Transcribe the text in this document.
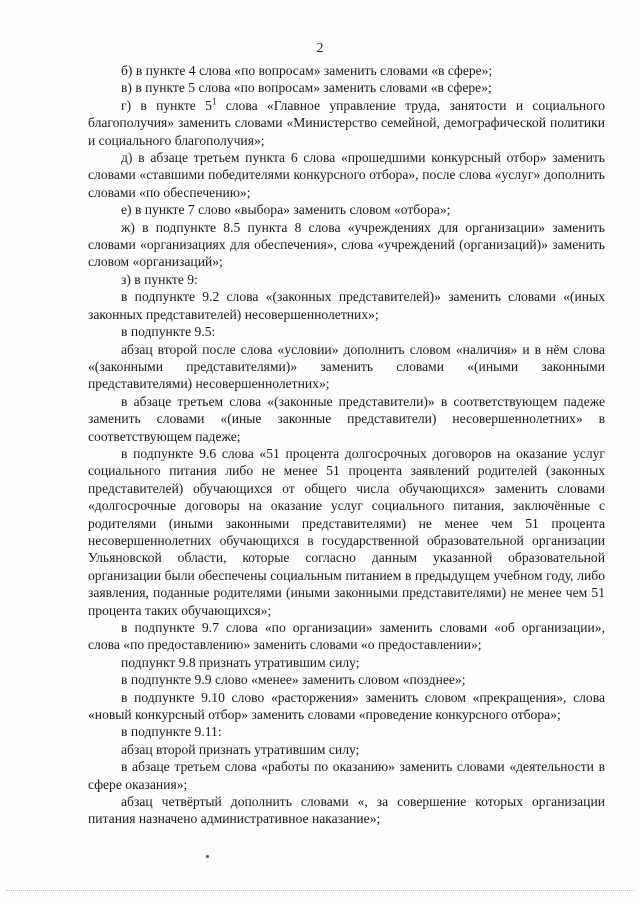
2

б) в пункте 4 слова «по вопросам» заменить словами «в сфере»;

в) в пункте 5 слова «по вопросам» заменить словами «в сфере»;

г) в пункте $5^1$ слова «Главное управление труда, занятости и социального благополучия» заменить словами «Министерство семейной, демографической политики и социального благополучия»;

д) в абзаце третьем пункта 6 слова «прошедшими конкурсный отбор» заменить словами «ставшими победителями конкурсного отбора», после слова «услуг» дополнить словами «по обеспечению»;

е) в пункте 7 слово «выбора» заменить словом «отбора»;

ж) в подпункте 8.5 пункта 8 слова «учреждениях для организации» заменить словами «организациях для обеспечения», слова «учреждений (организаций)» заменить словом «организаций»;

з) в пункте 9:

в подпункте 9.2 слова «(законных представителей)» заменить словами «(иных законных представителей) несовершеннолетних»;

в подпункте 9.5:

абзац второй после слова «условии» дополнить словом «наличия» и в нём слова «(законными представителями)» заменить словами «(иными законными представителями) несовершеннолетних»;

в абзаце третьем слова «(законные представители)» в соответствующем падеже заменить словами «(иные законные представители) несовершеннолетних» в соответствующем падеже;

в подпункте 9.6 слова «51 процента долгосрочных договоров на оказание услуг социального питания либо не менее 51 процента заявлений родителей (законных представителей) обучающихся от общего числа обучающихся» заменить словами «долгосрочные договоры на оказание услуг социального питания, заключённые с родителями (иными законными представителями) не менее чем 51 процента несовершеннолетних обучающихся в государственной образовательной организации Ульяновской области, которые согласно данным указанной образовательной организации были обеспечены социальным питанием в предыдущем учебном году, либо заявления, поданные родителями (иными законными представителями) не менее чем 51 процента таких обучающихся»;

в подпункте 9.7 слова «по организации» заменить словами «об организации», слова «по предоставлению» заменить словами «о предоставлении»;

подпункт 9.8 признать утратившим силу;

в подпункте 9.9 слово «менее» заменить словом «позднее»;

в подпункте 9.10 слово «расторжения» заменить словом «прекращения», слова «новый конкурсный отбор» заменить словами «проведение конкурсного отбора»;

в подпункте 9.11:

абзац второй признать утратившим силу;

в абзаце третьем слова «работы по оказанию» заменить словами «деятельности в сфере оказания»;

абзац четвёртый дополнить словами «, за совершение которых организации питания назначено административное наказание»;
